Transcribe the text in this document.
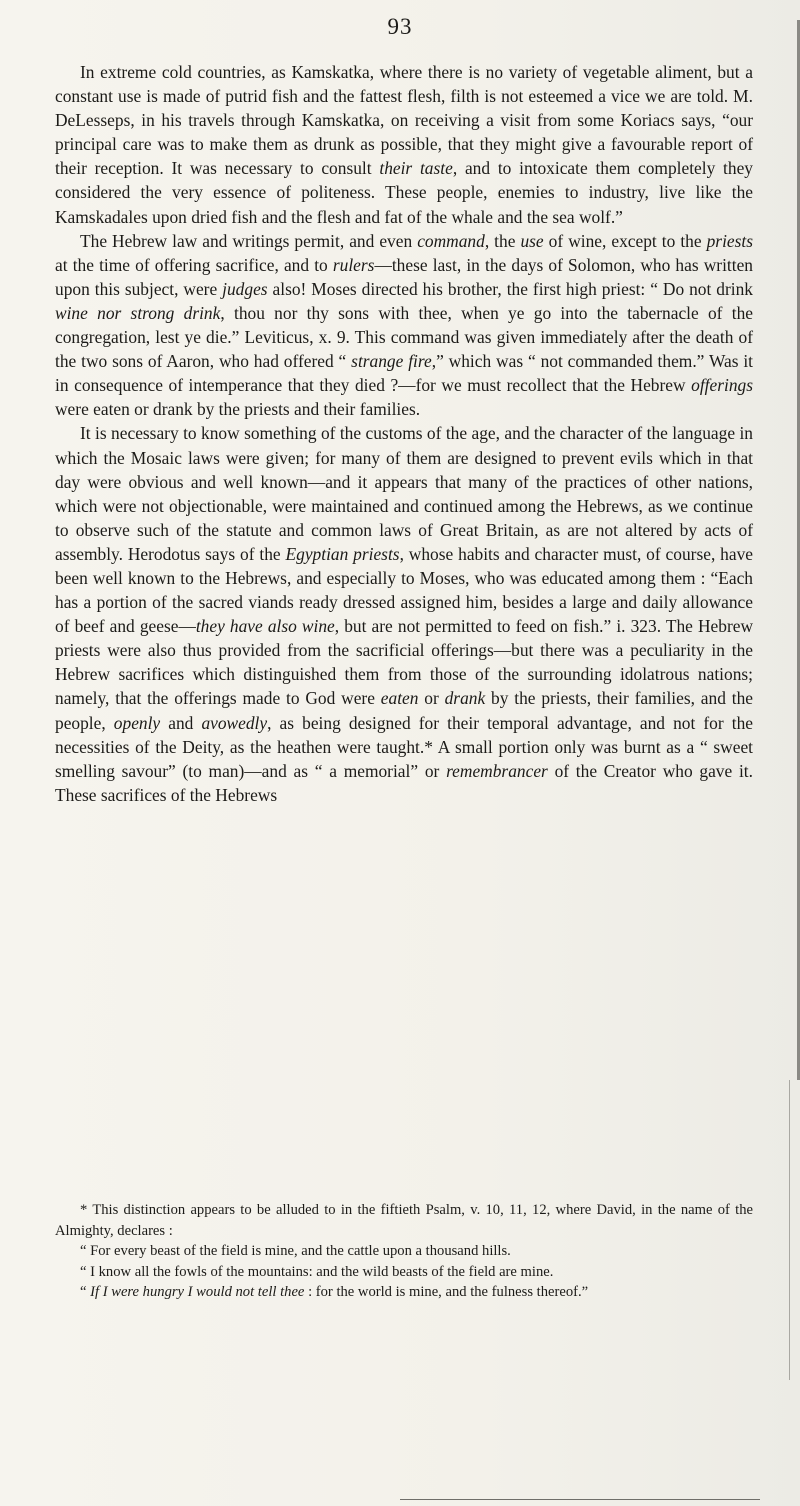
93

In extreme cold countries, as Kamskatka, where there is no variety of vegetable aliment, but a constant use is made of putrid fish and the fattest flesh, filth is not esteemed a vice we are told. M. DeLesseps, in his travels through Kamskatka, on receiving a visit from some Koriacs says, “our principal care was to make them as drunk as possible, that they might give a favourable report of their reception. It was necessary to consult their taste, and to intoxicate them completely they considered the very essence of politeness. These people, enemies to industry, live like the Kamskadales upon dried fish and the flesh and fat of the whale and the sea wolf.”

The Hebrew law and writings permit, and even command, the use of wine, except to the priests at the time of offering sacrifice, and to rulers—these last, in the days of Solomon, who has written upon this subject, were judges also! Moses directed his brother, the first high priest: “ Do not drink wine nor strong drink, thou nor thy sons with thee, when ye go into the tabernacle of the congregation, lest ye die.” Leviticus, x. 9. This command was given immediately after the death of the two sons of Aaron, who had offered “ strange fire,” which was “ not commanded them.” Was it in consequence of intemperance that they died ?—for we must recollect that the Hebrew offerings were eaten or drank by the priests and their families.

It is necessary to know something of the customs of the age, and the character of the language in which the Mosaic laws were given; for many of them are designed to prevent evils which in that day were obvious and well known—and it appears that many of the practices of other nations, which were not objectionable, were maintained and continued among the Hebrews, as we continue to observe such of the statute and common laws of Great Britain, as are not altered by acts of assembly. Herodotus says of the Egyptian priests, whose habits and character must, of course, have been well known to the Hebrews, and especially to Moses, who was educated among them : “Each has a portion of the sacred viands ready dressed assigned him, besides a large and daily allowance of beef and geese—they have also wine, but are not permitted to feed on fish.” i. 323. The Hebrew priests were also thus provided from the sacrificial offerings—but there was a peculiarity in the Hebrew sacrifices which distinguished them from those of the surrounding idolatrous nations; namely, that the offerings made to God were eaten or drank by the priests, their families, and the people, openly and avowedly, as being designed for their temporal advantage, and not for the necessities of the Deity, as the heathen were taught.* A small portion only was burnt as a “ sweet smelling savour” (to man)—and as “ a memorial” or remembrancer of the Creator who gave it. These sacrifices of the Hebrews

* This distinction appears to be alluded to in the fiftieth Psalm, v. 10, 11, 12, where David, in the name of the Almighty, declares :

“ For every beast of the field is mine, and the cattle upon a thousand hills.

“ I know all the fowls of the mountains: and the wild beasts of the field are mine.

“ If I were hungry I would not tell thee : for the world is mine, and the fulness thereof.”
